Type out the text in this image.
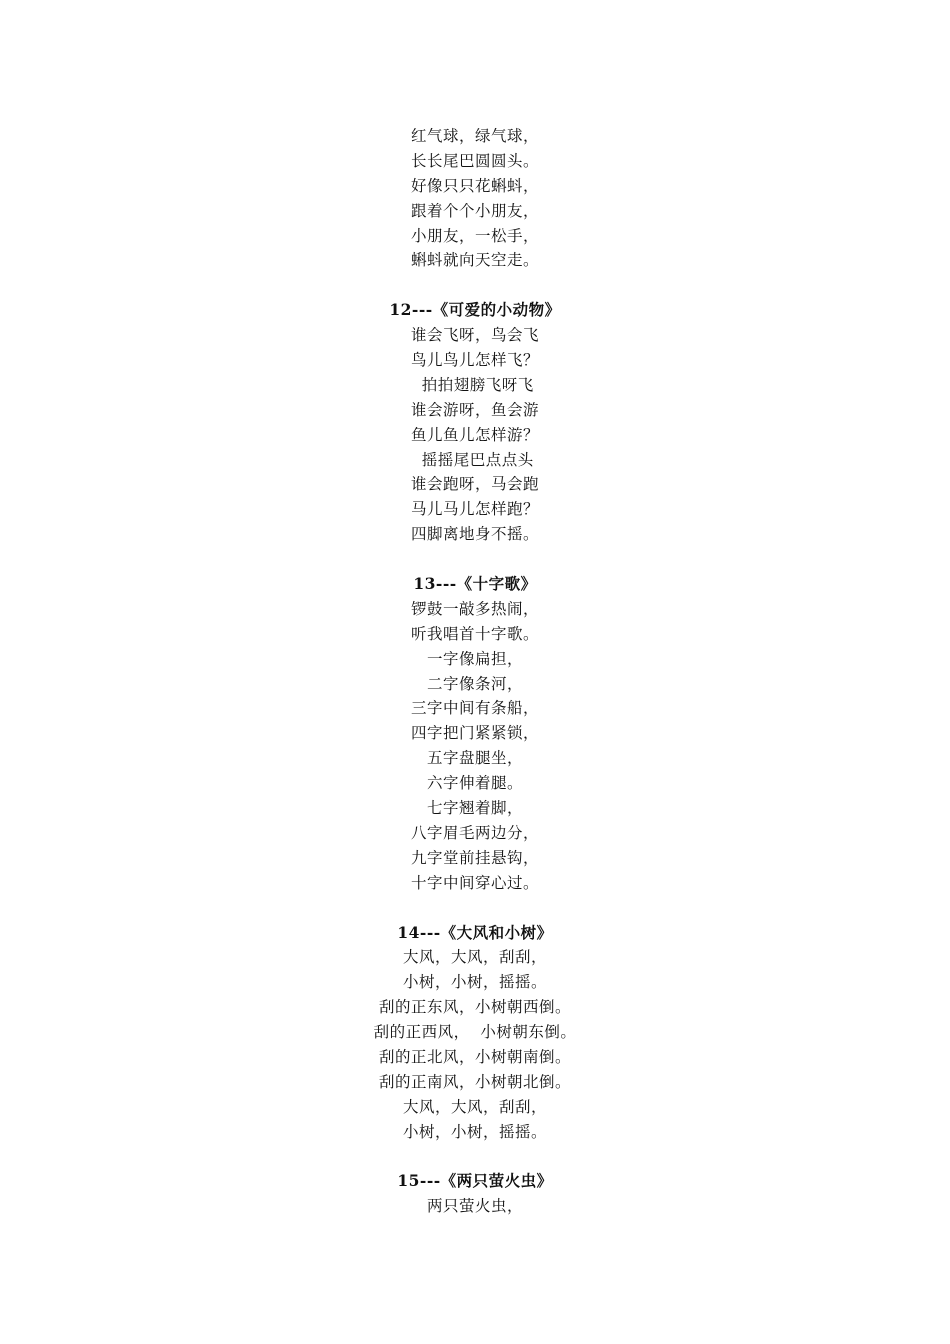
红气球，绿气球，
长长尾巴圆圆头。
好像只只花蝌蚪，
跟着个个小朋友，
小朋友，一松手，
蝌蚪就向天空走。
12---《可爱的小动物》
谁会飞呀，鸟会飞
鸟儿鸟儿怎样飞？
拍拍翅膀飞呀飞
谁会游呀，鱼会游
鱼儿鱼儿怎样游？
摇摇尾巴点点头
谁会跑呀，马会跑
马儿马儿怎样跑？
四脚离地身不摇。
13---《十字歌》
锣鼓一敲多热闹，
听我唱首十字歌。
一字像扁担，
二字像条河，
三字中间有条船，
四字把门紧紧锁，
五字盘腿坐，
六字伸着腿。
七字翘着脚，
八字眉毛两边分，
九字堂前挂悬钩，
十字中间穿心过。
14---《大风和小树》
大风，大风，刮刮，
小树，小树，摇摇。
刮的正东风，小树朝西倒。
刮的正西风，  小树朝东倒。
刮的正北风，小树朝南倒。
刮的正南风，小树朝北倒。
大风，大风，刮刮，
小树，小树，摇摇。
15---《两只萤火虫》
两只萤火虫，
